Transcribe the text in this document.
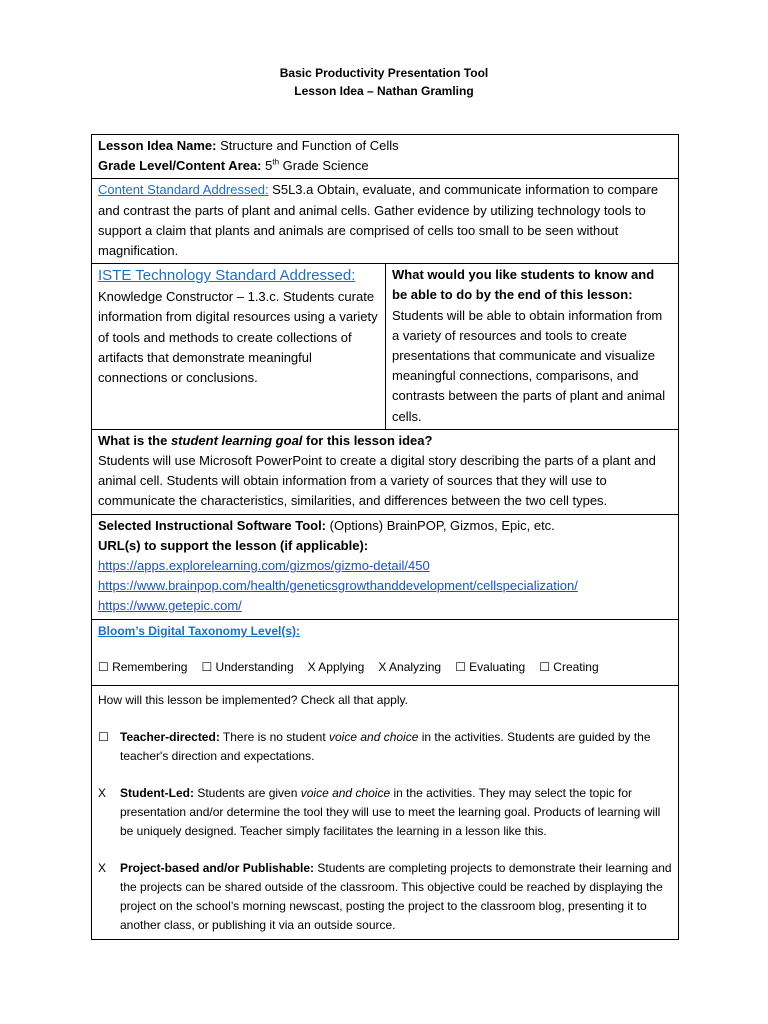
Basic Productivity Presentation Tool
Lesson Idea – Nathan Gramling
Lesson Idea Name: Structure and Function of Cells
Grade Level/Content Area: 5th Grade Science
Content Standard Addressed: S5L3.a Obtain, evaluate, and communicate information to compare and contrast the parts of plant and animal cells. Gather evidence by utilizing technology tools to support a claim that plants and animals are comprised of cells too small to be seen without magnification.
ISTE Technology Standard Addressed:
Knowledge Constructor – 1.3.c. Students curate information from digital resources using a variety of tools and methods to create collections of artifacts that demonstrate meaningful connections or conclusions.
What would you like students to know and be able to do by the end of this lesson:
Students will be able to obtain information from a variety of resources and tools to create presentations that communicate and visualize meaningful connections, comparisons, and contrasts between the parts of plant and animal cells.
What is the student learning goal for this lesson idea?
Students will use Microsoft PowerPoint to create a digital story describing the parts of a plant and animal cell. Students will obtain information from a variety of sources that they will use to communicate the characteristics, similarities, and differences between the two cell types.
Selected Instructional Software Tool: (Options) BrainPOP, Gizmos, Epic, etc.
URL(s) to support the lesson (if applicable):
https://apps.explorelearning.com/gizmos/gizmo-detail/450
https://www.brainpop.com/health/geneticsgrowthanddevelopment/cellspecialization/
https://www.getepic.com/
Bloom’s Digital Taxonomy Level(s):
☐ Remembering ☐ Understanding X Applying X Analyzing ☐ Evaluating ☐ Creating

How will this lesson be implemented? Check all that apply.

☐ Teacher-directed: There is no student voice and choice in the activities. Students are guided by the teacher's direction and expectations.

X Student-Led: Students are given voice and choice in the activities. They may select the topic for presentation and/or determine the tool they will use to meet the learning goal. Products of learning will be uniquely designed. Teacher simply facilitates the learning in a lesson like this.

X Project-based and/or Publishable: Students are completing projects to demonstrate their learning and the projects can be shared outside of the classroom. This objective could be reached by displaying the project on the school’s morning newscast, posting the project to the classroom blog, presenting it to another class, or publishing it via an outside source.
